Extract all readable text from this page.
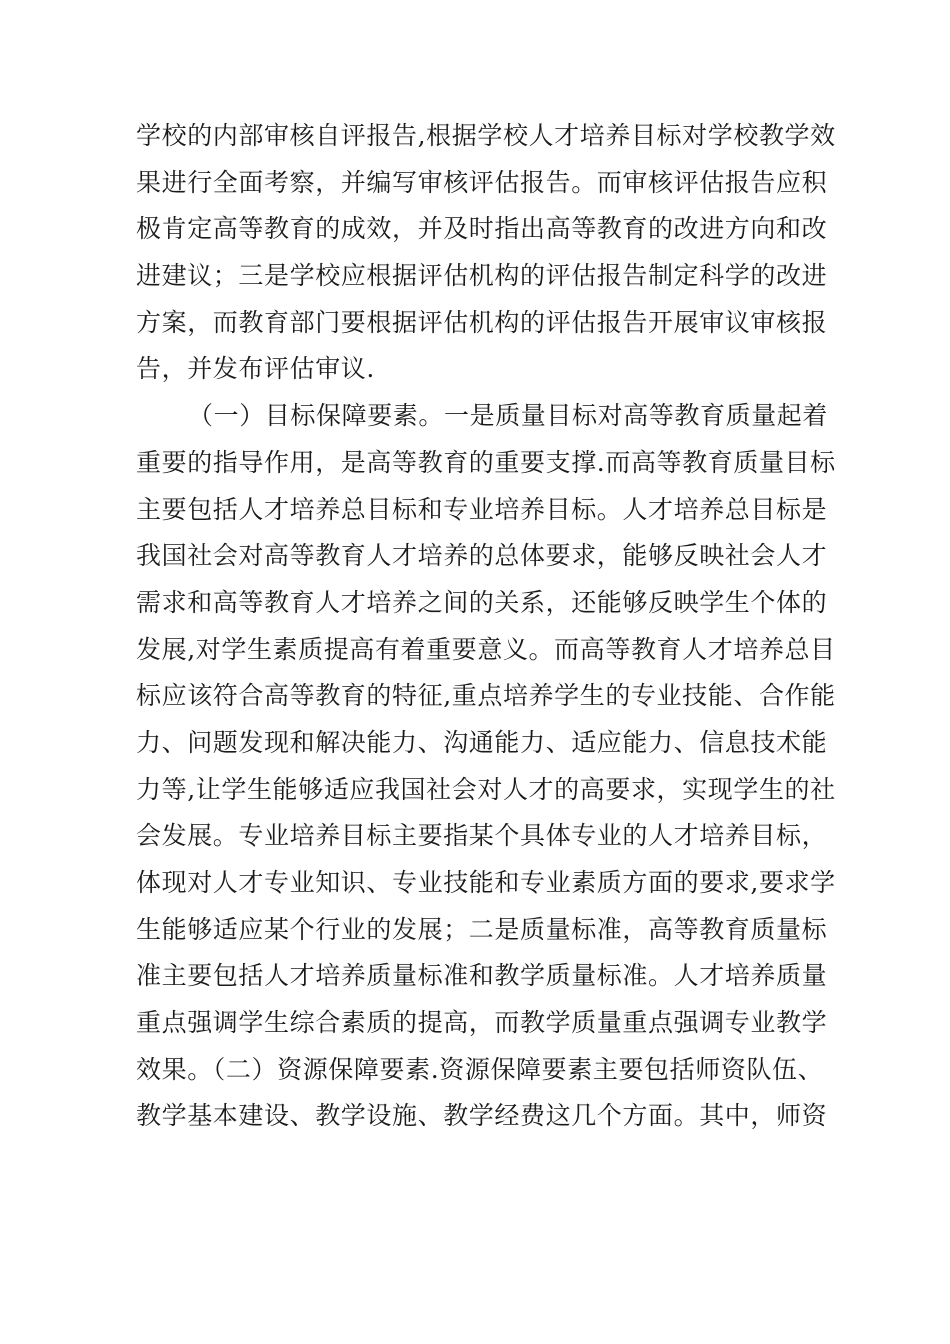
学校的内部审核自评报告,根据学校人才培养目标对学校教学效
果进行全面考察，并编写审核评估报告。而审核评估报告应积
极肯定高等教育的成效，并及时指出高等教育的改进方向和改
进建议；三是学校应根据评估机构的评估报告制定科学的改进
方案，而教育部门要根据评估机构的评估报告开展审议审核报
告，并发布评估审议.
（一）目标保障要素。一是质量目标对高等教育质量起着
重要的指导作用，是高等教育的重要支撑.而高等教育质量目标
主要包括人才培养总目标和专业培养目标。人才培养总目标是
我国社会对高等教育人才培养的总体要求，能够反映社会人才
需求和高等教育人才培养之间的关系，还能够反映学生个体的
发展,对学生素质提高有着重要意义。而高等教育人才培养总目
标应该符合高等教育的特征,重点培养学生的专业技能、合作能
力、问题发现和解决能力、沟通能力、适应能力、信息技术能
力等,让学生能够适应我国社会对人才的高要求，实现学生的社
会发展。专业培养目标主要指某个具体专业的人才培养目标，
体现对人才专业知识、专业技能和专业素质方面的要求,要求学
生能够适应某个行业的发展；二是质量标准，高等教育质量标
准主要包括人才培养质量标准和教学质量标准。人才培养质量
重点强调学生综合素质的提高，而教学质量重点强调专业教学
效果。（二）资源保障要素.资源保障要素主要包括师资队伍、
教学基本建设、教学设施、教学经费这几个方面。其中，师资
